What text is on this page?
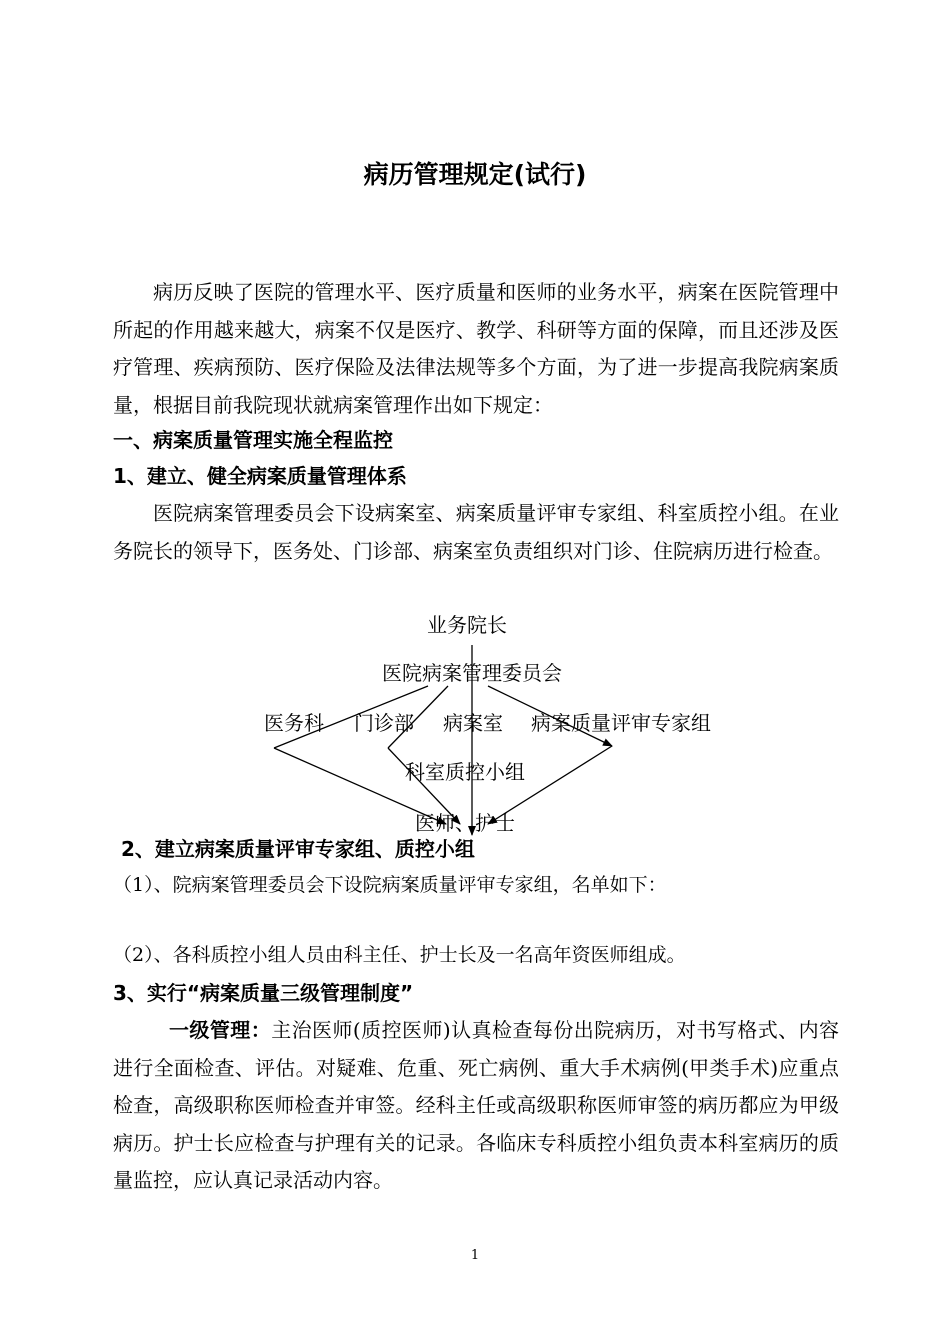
病历管理规定(试行)
病历反映了医院的管理水平、医疗质量和医师的业务水平，病案在医院管理中所起的作用越来越大，病案不仅是医疗、教学、科研等方面的保障，而且还涉及医疗管理、疾病预防、医疗保险及法律法规等多个方面，为了进一步提高我院病案质量，根据目前我院现状就病案管理作出如下规定：
一、病案质量管理实施全程监控
1、建立、健全病案质量管理体系
医院病案管理委员会下设病案室、病案质量评审专家组、科室质控小组。在业务院长的领导下，医务处、门诊部、病案室负责组织对门诊、住院病历进行检查。
业务院长
医院病案管理委员会
医务科 门诊部 病案室 病案质量评审专家组
科室质控小组
医师、护士
2、建立病案质量评审专家组、质控小组
（1）、院病案管理委员会下设院病案质量评审专家组，名单如下：
（2）、各科质控小组人员由科主任、护士长及一名高年资医师组成。
3、实行“病案质量三级管理制度”
一级管理：主治医师(质控医师)认真检查每份出院病历，对书写格式、内容进行全面检查、评估。对疑难、危重、死亡病例、重大手术病例(甲类手术)应重点检查，高级职称医师检查并审签。经科主任或高级职称医师审签的病历都应为甲级病历。护士长应检查与护理有关的记录。各临床专科质控小组负责本科室病历的质量监控，应认真记录活动内容。
1
